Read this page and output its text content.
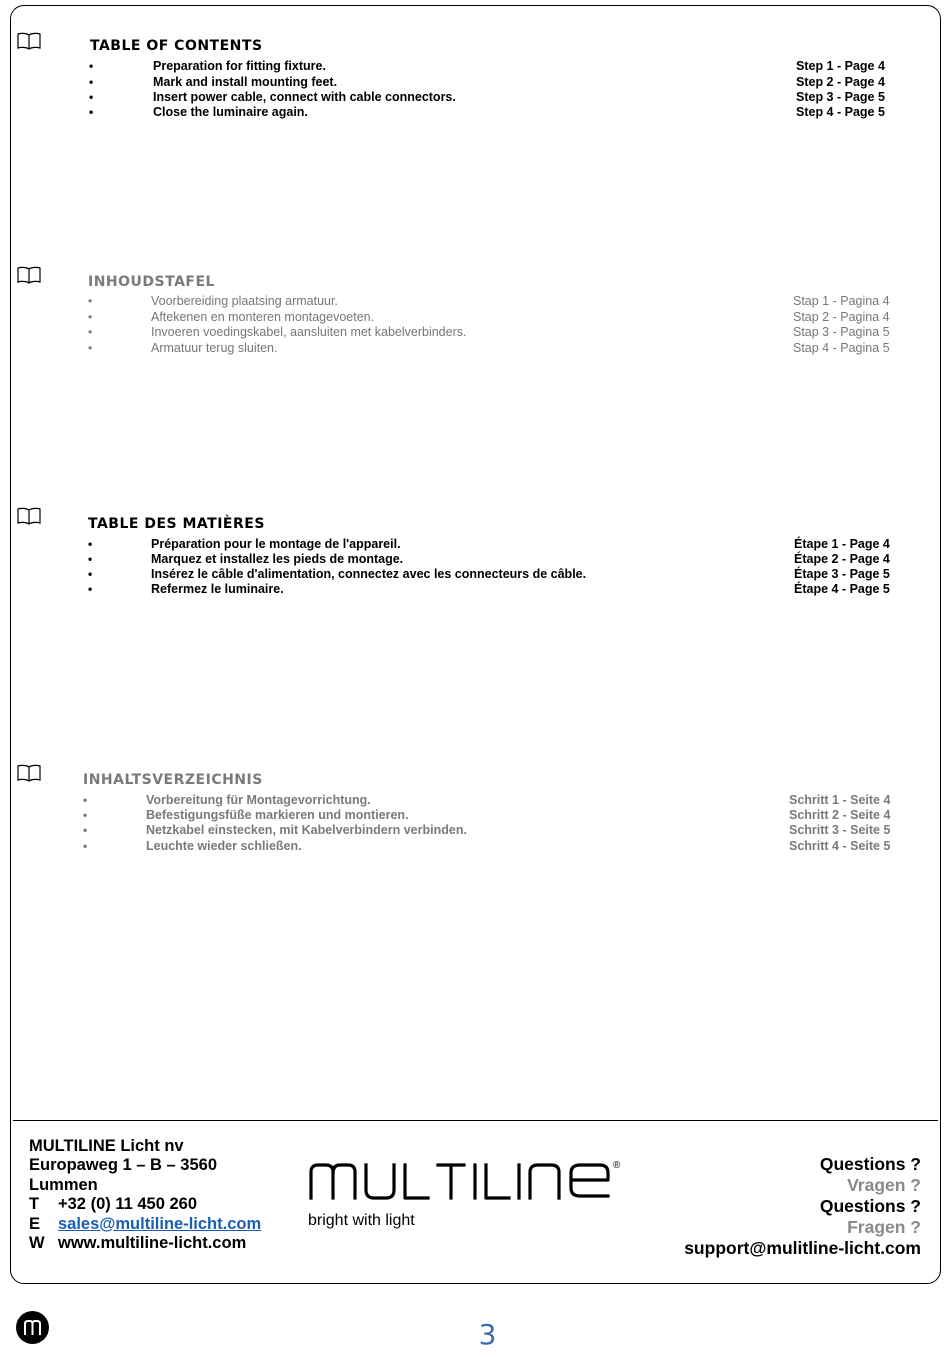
TABLE OF CONTENTS
•	Preparation for fitting fixture.	Step 1 - Page 4
•	Mark and install mounting feet.	Step 2 - Page 4
•	Insert power cable, connect with cable connectors.	Step 3 - Page 5
•	Close the luminaire again.	Step 4 - Page 5
INHOUDSTAFEL
•	Voorbereiding plaatsing armatuur.	Stap 1 - Pagina 4
•	Aftekenen en monteren montagevoeten.	Stap 2 - Pagina 4
•	Invoeren voedingskabel, aansluiten met kabelverbinders.	Stap 3 - Pagina 5
•	Armatuur terug sluiten.	Stap 4 - Pagina 5
TABLE DES MATIÈRES
•	Préparation pour le montage de l'appareil.	Étape 1 - Page 4
•	Marquez et installez les pieds de montage.	Étape 2 - Page 4
•	Insérez le câble d'alimentation, connectez avec les connecteurs de câble.	Étape 3 - Page 5
•	Refermez le luminaire.	Étape 4 - Page 5
INHALTSVERZEICHNIS
•	Vorbereitung für Montagevorrichtung.	Schritt 1 - Seite 4
•	Befestigungsfüße markieren und montieren.	Schritt 2 - Seite 4
•	Netzkabel einstecken, mit Kabelverbindern verbinden.	Schritt 3 - Seite 5
•	Leuchte wieder schließen.	Schritt 4 - Seite 5
MULTILINE Licht nv
Europaweg 1 – B – 3560
Lummen
T +32 (0) 11 450 260
E sales@multiline-licht.com
W www.multiline-licht.com
®
bright with light
Questions ?
Vragen ?
Questions ?
Fragen ?
support@mulitline-licht.com
3
